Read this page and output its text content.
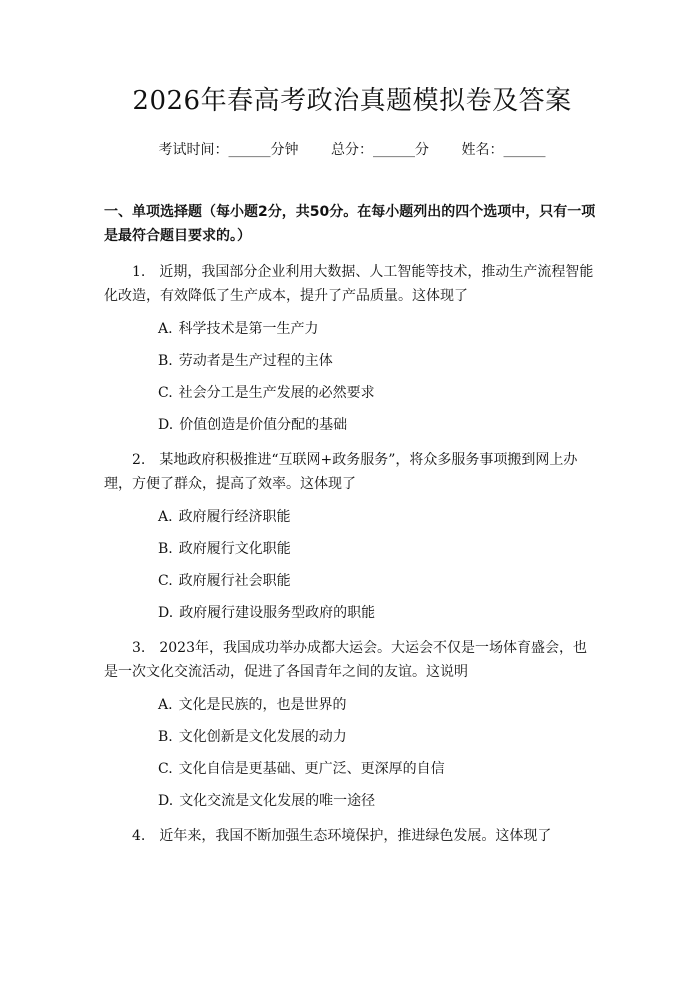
2026年春高考政治真题模拟卷及答案
考试时间：______分钟 总分：______分 姓名：______
一、单项选择题（每小题2分，共50分。在每小题列出的四个选项中，只有一项是最符合题目要求的。）
1. 近期，我国部分企业利用大数据、人工智能等技术，推动生产流程智能化改造，有效降低了生产成本，提升了产品质量。这体现了
A. 科学技术是第一生产力
B. 劳动者是生产过程的主体
C. 社会分工是生产发展的必然要求
D. 价值创造是价值分配的基础
2. 某地政府积极推进“互联网+政务服务”，将众多服务事项搬到网上办理，方便了群众，提高了效率。这体现了
A. 政府履行经济职能
B. 政府履行文化职能
C. 政府履行社会职能
D. 政府履行建设服务型政府的职能
3. 2023年，我国成功举办成都大运会。大运会不仅是一场体育盛会，也是一次文化交流活动，促进了各国青年之间的友谊。这说明
A. 文化是民族的，也是世界的
B. 文化创新是文化发展的动力
C. 文化自信是更基础、更广泛、更深厚的自信
D. 文化交流是文化发展的唯一途径
4. 近年来，我国不断加强生态环境保护，推进绿色发展。这体现了
